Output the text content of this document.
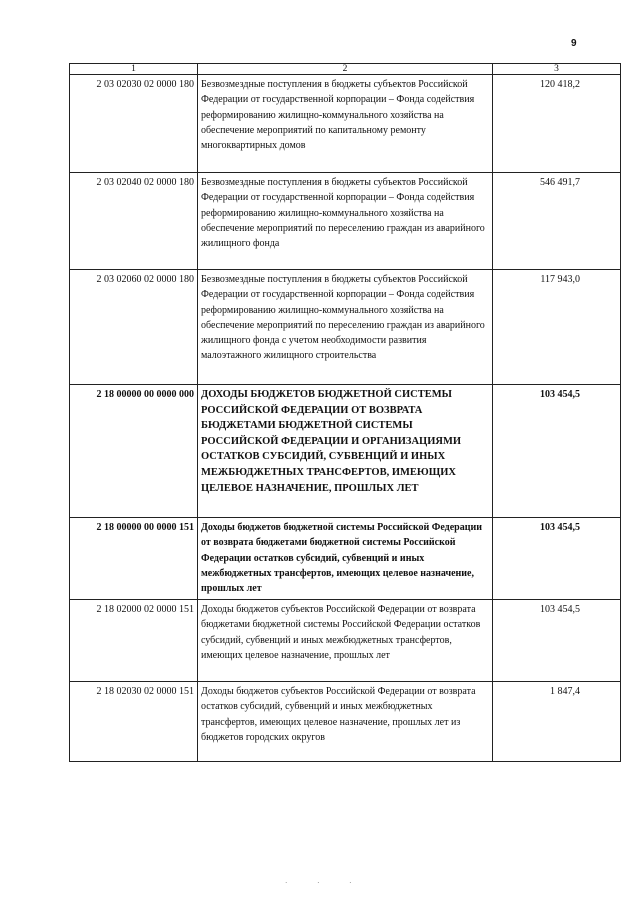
9
1	2	3
2 03 02030 02 0000 180	Безвозмездные поступления в бюджеты субъектов Российской Федерации от государственной корпорации – Фонда содействия реформированию жилищно-коммунального хозяйства на обеспечение мероприятий по капитальному ремонту многоквартирных домов	120 418,2
2 03 02040 02 0000 180	Безвозмездные поступления в бюджеты субъектов Российской Федерации от государственной корпорации – Фонда содействия реформированию жилищно-коммунального хозяйства на обеспечение мероприятий по переселению граждан из аварийного жилищного фонда	546 491,7
2 03 02060 02 0000 180	Безвозмездные поступления в бюджеты субъектов Российской Федерации от государственной корпорации – Фонда содействия реформированию жилищно-коммунального хозяйства на обеспечение мероприятий по переселению граждан из аварийного жилищного фонда с учетом необходимости развития малоэтажного жилищного строительства	117 943,0
2 18 00000 00 0000 000	ДОХОДЫ БЮДЖЕТОВ БЮДЖЕТНОЙ СИСТЕМЫ РОССИЙСКОЙ ФЕДЕРАЦИИ ОТ ВОЗВРАТА БЮДЖЕТАМИ БЮДЖЕТНОЙ СИСТЕМЫ РОССИЙСКОЙ ФЕДЕРАЦИИ И ОРГАНИЗАЦИЯМИ ОСТАТКОВ СУБСИДИЙ, СУБВЕНЦИЙ И ИНЫХ МЕЖБЮДЖЕТНЫХ ТРАНСФЕРТОВ, ИМЕЮЩИХ ЦЕЛЕВОЕ НАЗНАЧЕНИЕ, ПРОШЛЫХ ЛЕТ	103 454,5
2 18 00000 00 0000 151	Доходы бюджетов бюджетной системы Российской Федерации от возврата бюджетами бюджетной системы Российской Федерации остатков субсидий, субвенций и иных межбюджетных трансфертов, имеющих целевое назначение, прошлых лет	103 454,5
2 18 02000 02 0000 151	Доходы бюджетов субъектов Российской Федерации от возврата бюджетами бюджетной системы Российской Федерации остатков субсидий, субвенций и иных межбюджетных трансфертов, имеющих целевое назначение, прошлых лет	103 454,5
2 18 02030 02 0000 151	Доходы бюджетов субъектов Российской Федерации от возврата остатков субсидий, субвенций и иных межбюджетных трансфертов, имеющих целевое назначение, прошлых лет из бюджетов городских округов	1 847,4
· · ·
